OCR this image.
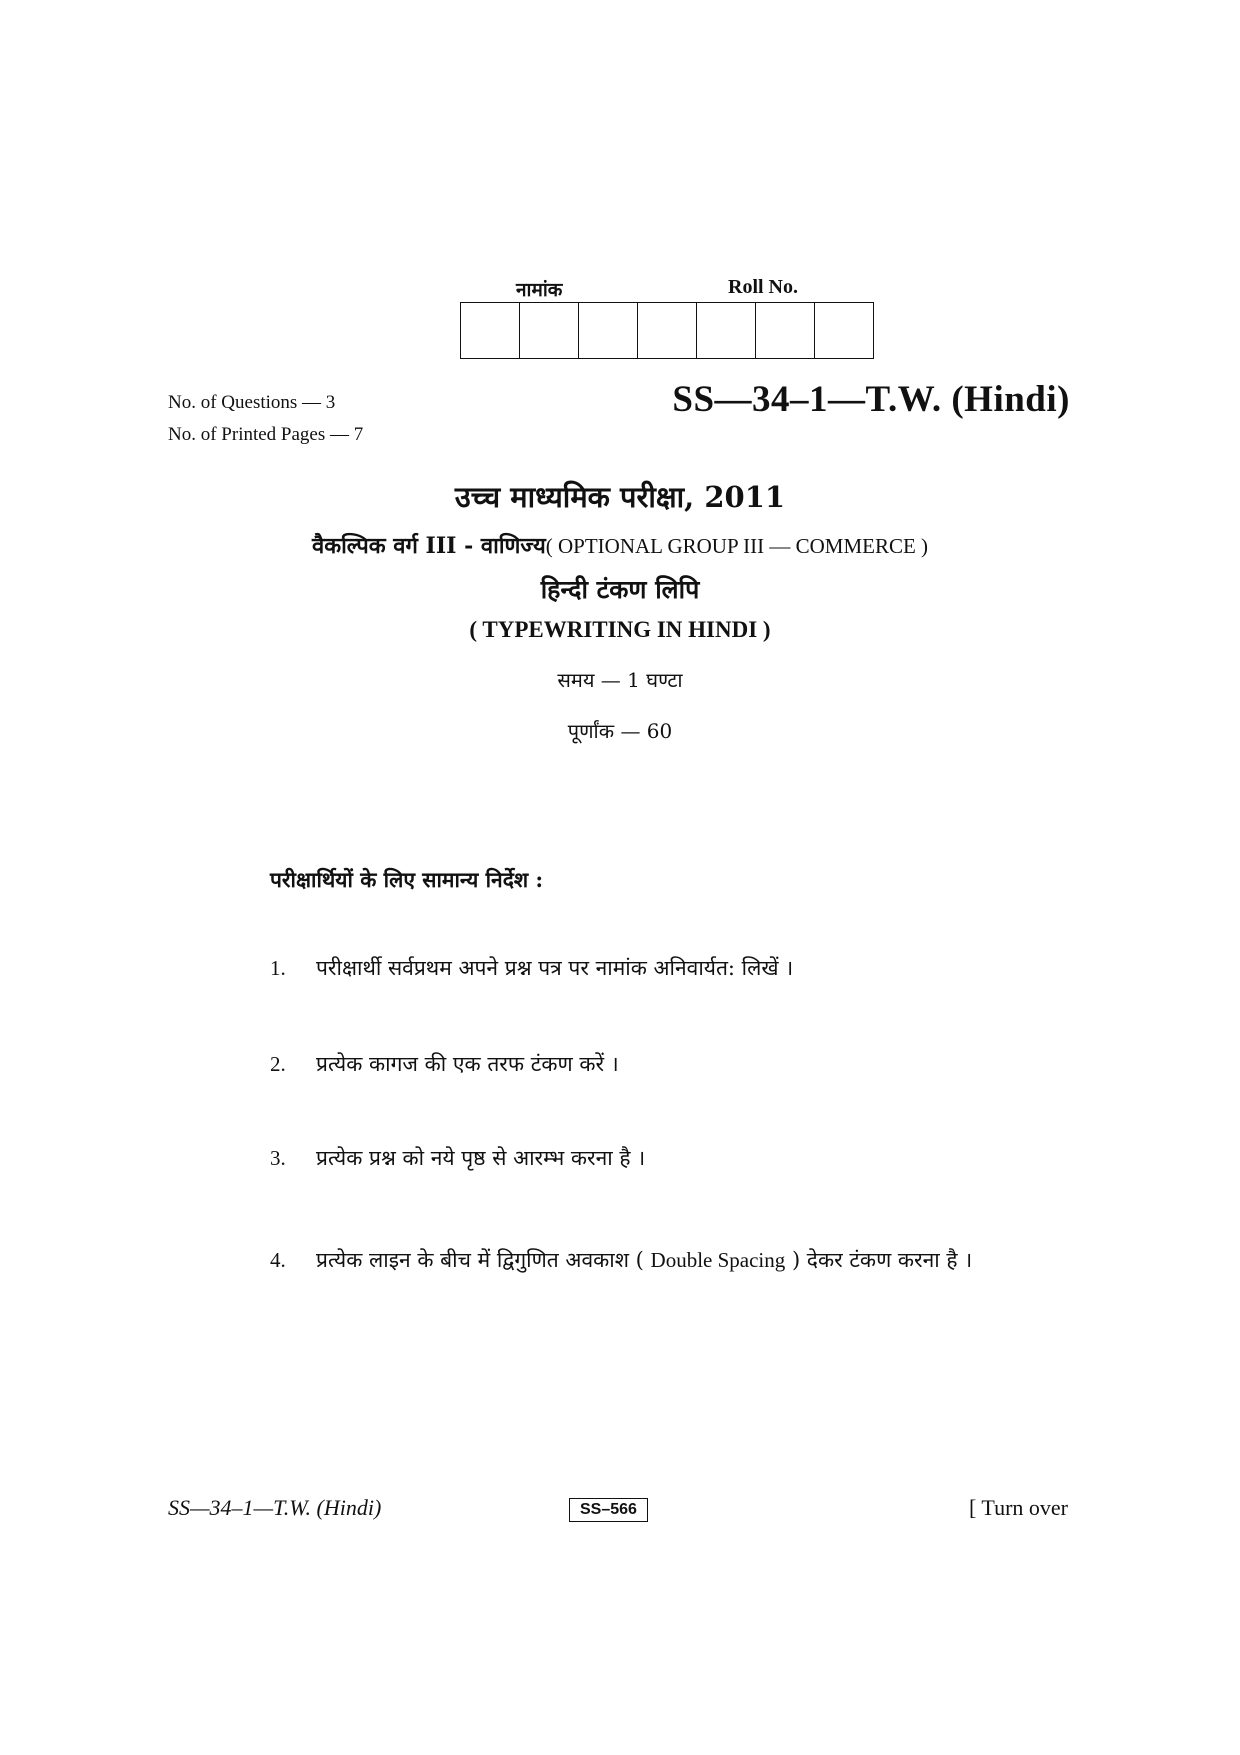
नामांक	Roll No.
No. of Questions — 3
No. of Printed Pages — 7
SS—34–1—T.W. (Hindi)
उच्च माध्यमिक परीक्षा, 2011
वैकल्पिक वर्ग III - वाणिज्य( OPTIONAL GROUP III — COMMERCE )
हिन्दी टंकण लिपि
( TYPEWRITING IN HINDI )
समय — 1 घण्टा
पूर्णांक — 60
परीक्षार्थियों के लिए सामान्य निर्देश :
1.	परीक्षार्थी सर्वप्रथम अपने प्रश्न पत्र पर नामांक अनिवार्यत: लिखें ।
2.	प्रत्येक कागज की एक तरफ टंकण करें ।
3.	प्रत्येक प्रश्न को नये पृष्ठ से आरम्भ करना है ।
4.	प्रत्येक लाइन के बीच में द्विगुणित अवकाश ( Double Spacing ) देकर टंकण करना है ।
SS—34–1—T.W. (Hindi)	SS–566	[ Turn over
